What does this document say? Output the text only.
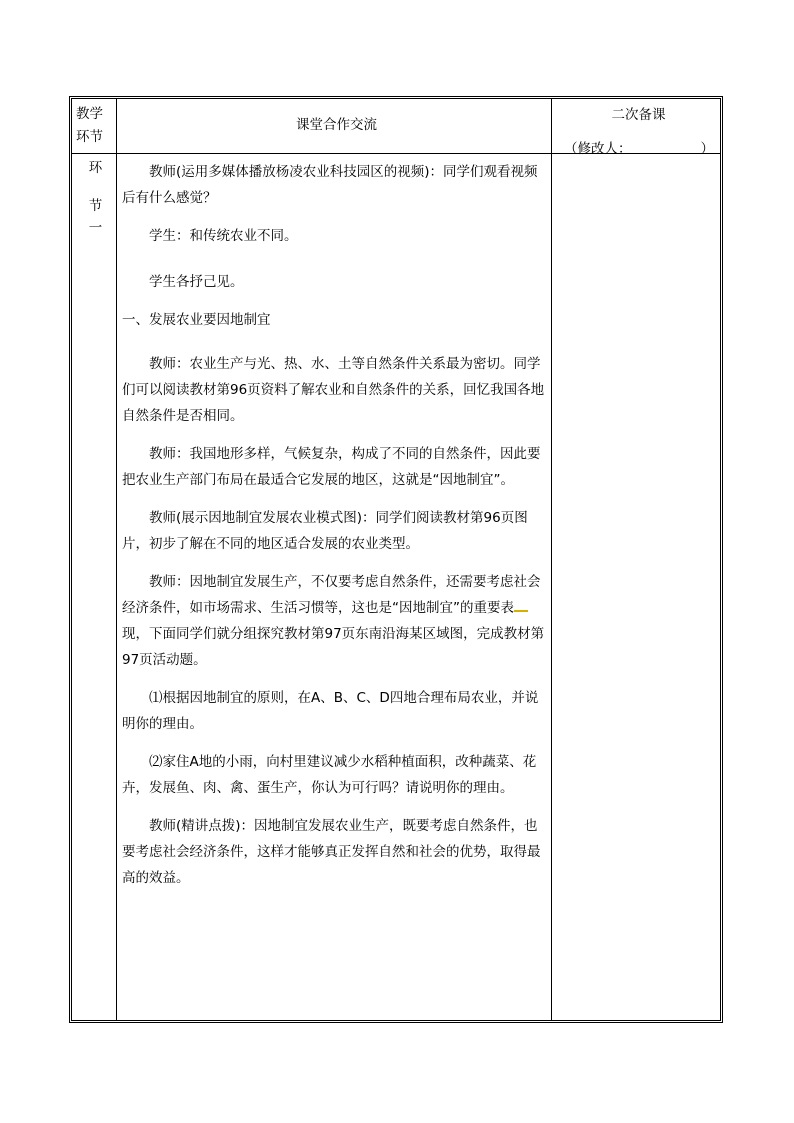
教学环节
课堂合作交流
二次备课
（修改人：	）
环
节
一

教师(运用多媒体播放杨凌农业科技园区的视频)：同学们观看视频后有什么感觉？

学生：和传统农业不同。

学生各抒己见。

一、发展农业要因地制宜

教师：农业生产与光、热、水、土等自然条件关系最为密切。同学们可以阅读教材第96页资料了解农业和自然条件的关系，回忆我国各地自然条件是否相同。

教师：我国地形多样，气候复杂，构成了不同的自然条件，因此要把农业生产部门布局在最适合它发展的地区，这就是“因地制宜”。

教师(展示因地制宜发展农业模式图)：同学们阅读教材第96页图片，初步了解在不同的地区适合发展的农业类型。

教师：因地制宜发展生产，不仅要考虑自然条件，还需要考虑社会经济条件，如市场需求、生活习惯等，这也是“因地制宜”的重要表现，下面同学们就分组探究教材第97页东南沿海某区域图，完成教材第97页活动题。

⑴根据因地制宜的原则，在A、B、C、D四地合理布局农业，并说明你的理由。

⑵家住A地的小雨，向村里建议减少水稻种植面积，改种蔬菜、花卉，发展鱼、肉、禽、蛋生产，你认为可行吗？请说明你的理由。

教师(精讲点拨)：因地制宜发展农业生产，既要考虑自然条件，也要考虑社会经济条件，这样才能够真正发挥自然和社会的优势，取得最高的效益。
